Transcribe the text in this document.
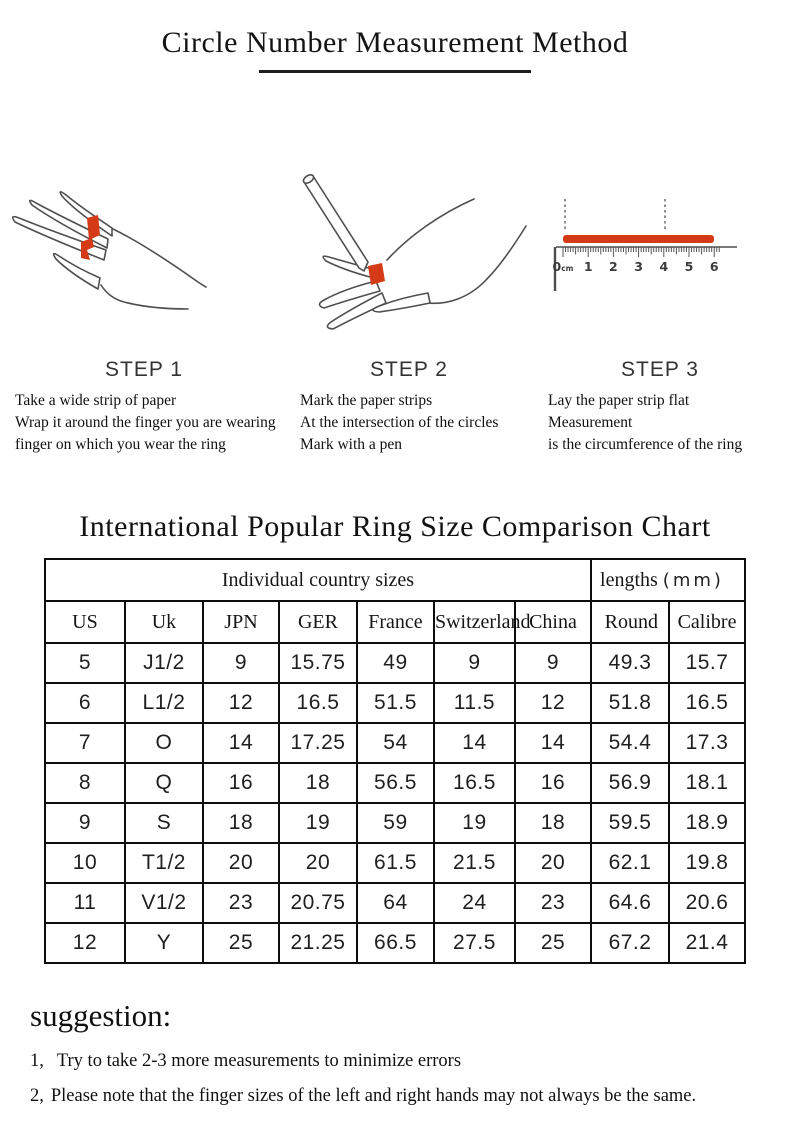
Circle Number Measurement Method
STEP 1
Take a wide strip of paper
Wrap it around the finger you are wearing
finger on which you wear the ring
STEP 2
Mark the paper strips
At the intersection of the circles
Mark with a pen
0cm 1 2 3 4 5 6
STEP 3
Lay the paper strip flat
Measurement
is the circumference of the ring
International Popular Ring Size Comparison Chart
Individual country sizes							lengths (mm)	
US	Uk	JPN	GER	France	Switzerland	China	Round	Calibre
5	J1/2	9	15.75	49	9	9	49.3	15.7
6	L1/2	12	16.5	51.5	11.5	12	51.8	16.5
7	O	14	17.25	54	14	14	54.4	17.3
8	Q	16	18	56.5	16.5	16	56.9	18.1
9	S	18	19	59	19	18	59.5	18.9
10	T1/2	20	20	61.5	21.5	20	62.1	19.8
11	V1/2	23	20.75	64	24	23	64.6	20.6
12	Y	25	21.25	66.5	27.5	25	67.2	21.4
suggestion:
1, Try to take 2-3 more measurements to minimize errors
2, Please note that the finger sizes of the left and right hands may not always be the same.
